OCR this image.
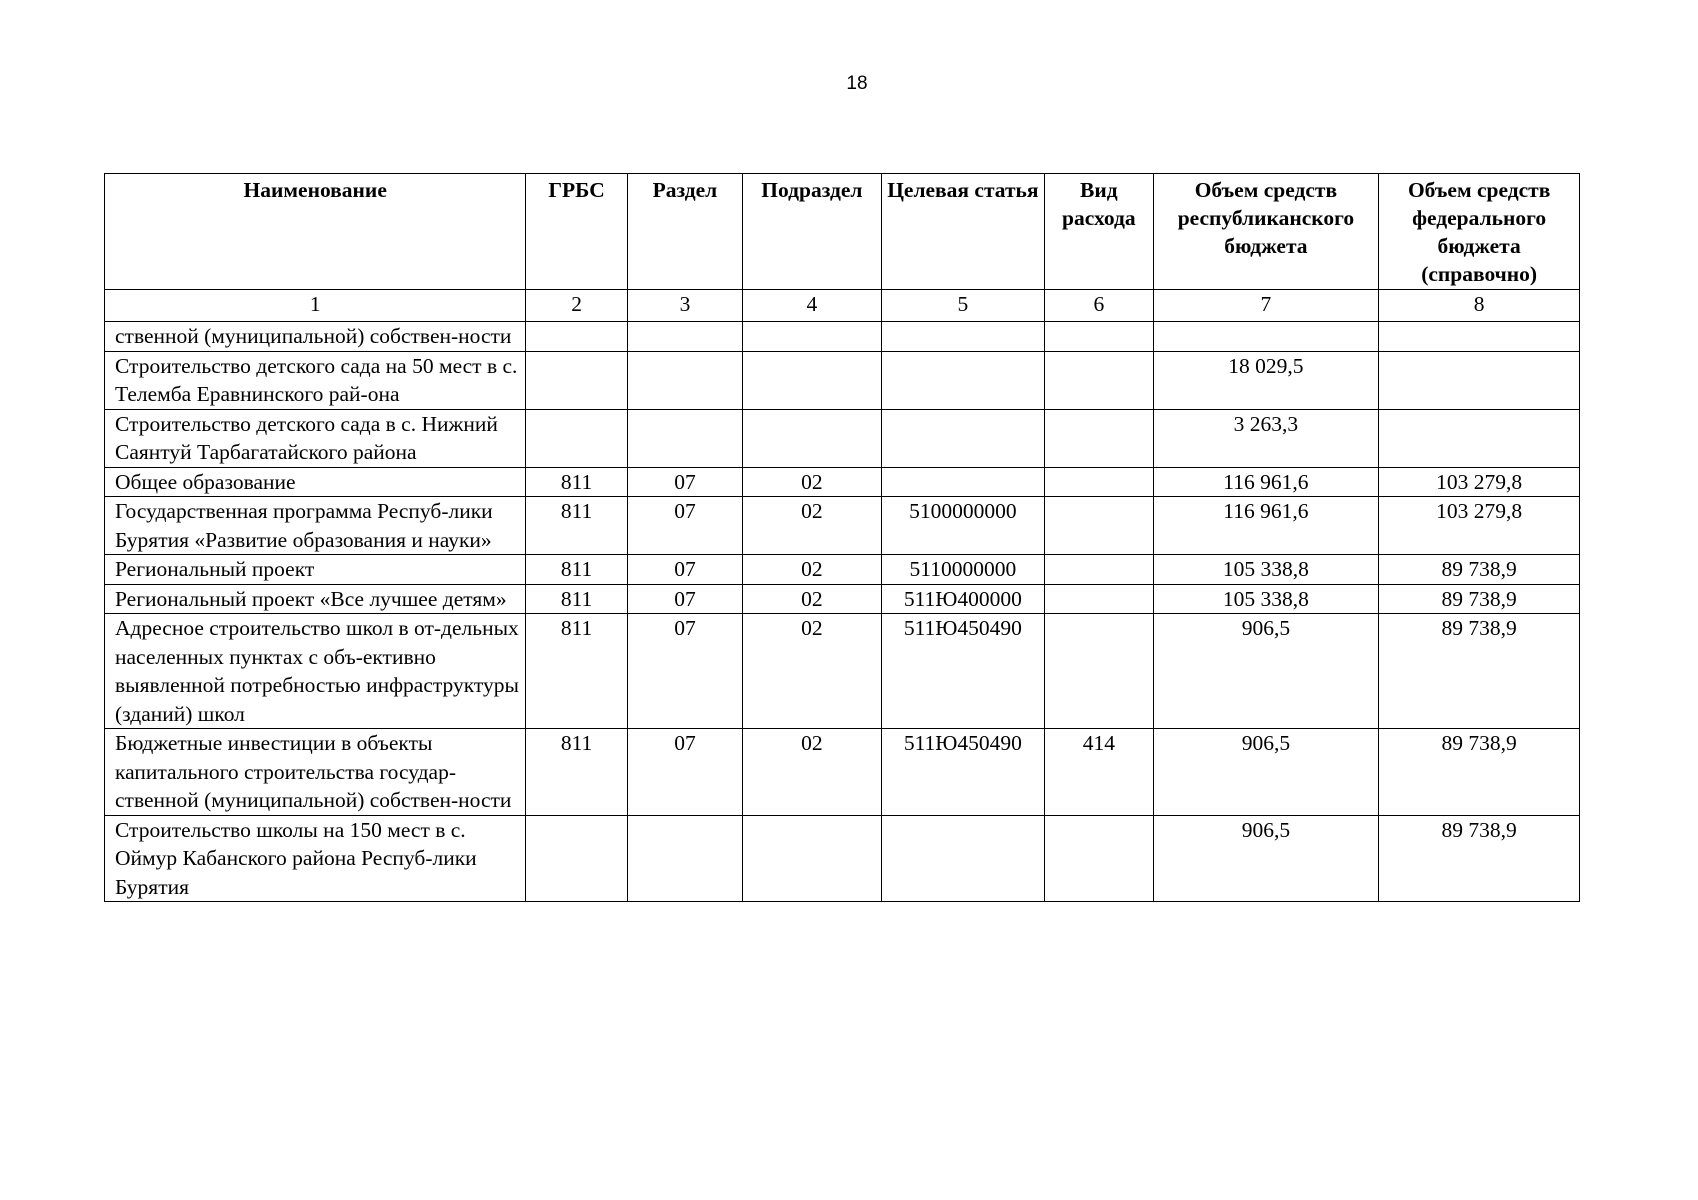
18
Наименование	ГРБС	Раздел	Подраздел	Целевая статья	Вид расхода	Объем средств республиканского бюджета	Объем средств федерального бюджета (справочно)
1	2	3	4	5	6	7	8
ственной (муниципальной) собствен-ности							
Строительство детского сада на 50 мест в с. Телемба Еравнинского рай-она						18 029,5	
Строительство детского сада в с. Нижний Саянтуй Тарбагатайского района						3 263,3	
Общее образование	811	07	02			116 961,6	103 279,8
Государственная программа Респуб-лики Бурятия «Развитие образования и науки»	811	07	02	5100000000		116 961,6	103 279,8
Региональный проект	811	07	02	5110000000		105 338,8	89 738,9
Региональный проект «Все лучшее детям»	811	07	02	511Ю400000		105 338,8	89 738,9
Адресное строительство школ в от-дельных населенных пунктах с объ-ективно выявленной потребностью инфраструктуры (зданий) школ	811	07	02	511Ю450490		906,5	89 738,9
Бюджетные инвестиции в объекты капитального строительства государ-ственной (муниципальной) собствен-ности	811	07	02	511Ю450490	414	906,5	89 738,9
Строительство школы на 150 мест в с. Оймур Кабанского района Респуб-лики Бурятия						906,5	89 738,9
